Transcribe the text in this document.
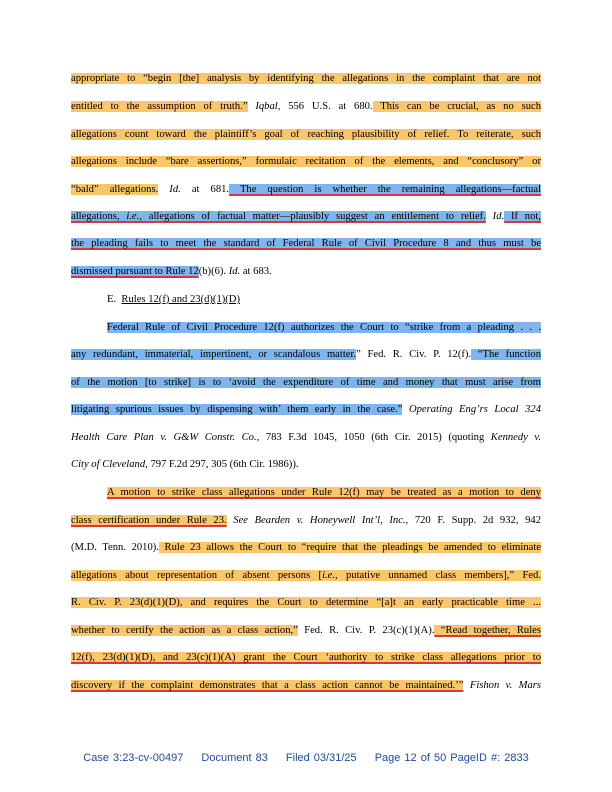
appropriate to “begin [the] analysis by identifying the allegations in the complaint that are not
entitled to the assumption of truth.” Iqbal, 556 U.S. at 680. This can be crucial, as no such
allegations count toward the plaintiff’s goal of reaching plausibility of relief. To reiterate, such
allegations include “bare assertions,” formulaic recitation of the elements, and “conclusory” or
“bald” allegations. Id. at 681. The question is whether the remaining allegations—factual
allegations, i.e., allegations of factual matter—plausibly suggest an entitlement to relief. Id. If not,
the pleading fails to meet the standard of Federal Rule of Civil Procedure 8 and thus must be
dismissed pursuant to Rule 12(b)(6). Id. at 683.
E. Rules 12(f) and 23(d)(1)(D)
Federal Rule of Civil Procedure 12(f) authorizes the Court to “strike from a pleading . . .
any redundant, immaterial, impertinent, or scandalous matter.” Fed. R. Civ. P. 12(f). “The function
of the motion [to strike] is to ‘avoid the expenditure of time and money that must arise from
litigating spurious issues by dispensing with’ them early in the case.” Operating Eng’rs Local 324
Health Care Plan v. G&W Constr. Co., 783 F.3d 1045, 1050 (6th Cir. 2015) (quoting Kennedy v.
City of Cleveland, 797 F.2d 297, 305 (6th Cir. 1986)).
A motion to strike class allegations under Rule 12(f) may be treated as a motion to deny
class certification under Rule 23. See Bearden v. Honeywell Int’l, Inc., 720 F. Supp. 2d 932, 942
(M.D. Tenn. 2010). Rule 23 allows the Court to “require that the pleadings be amended to eliminate
allegations about representation of absent persons [i.e., putative unnamed class members],” Fed.
R. Civ. P. 23(d)(1)(D), and requires the Court to determine “[a]t an early practicable time ...
whether to certify the action as a class action,” Fed. R. Civ. P. 23(c)(1)(A). “Read together, Rules
12(f), 23(d)(1)(D), and 23(c)(1)(A) grant the Court ‘authority to strike class allegations prior to
discovery if the complaint demonstrates that a class action cannot be maintained.’” Fishon v. Mars
Case 3:23-cv-00497 Document 83 Filed 03/31/25 Page 12 of 50 PageID #: 2833
